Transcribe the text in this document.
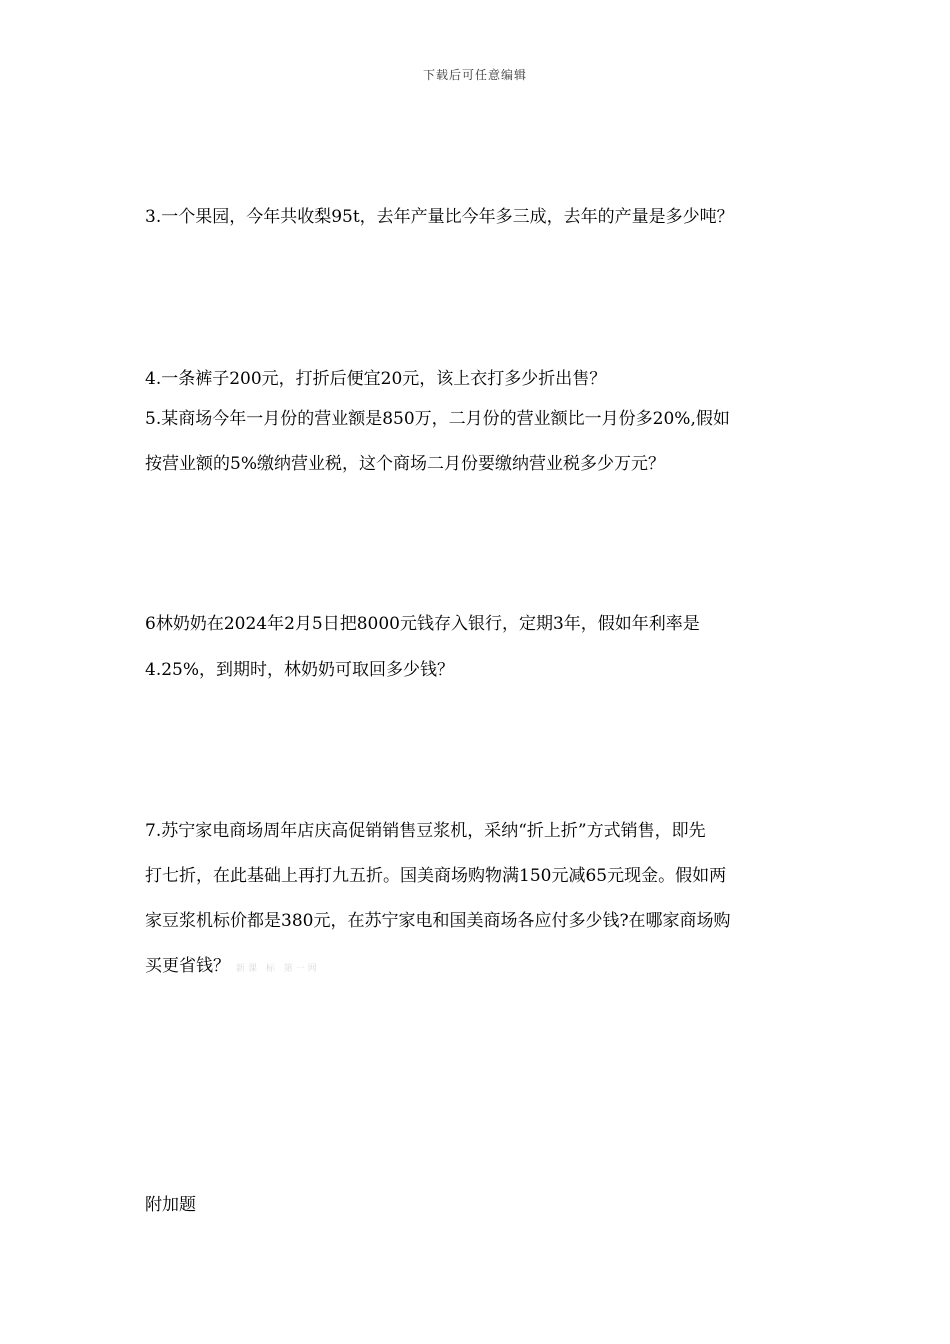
下载后可任意编辑
3.一个果园，今年共收梨95t，去年产量比今年多三成，去年的产量是多少吨？
4.一条裤子200元，打折后便宜20元，该上衣打多少折出售？
5.某商场今年一月份的营业额是850万，二月份的营业额比一月份多20%,假如
按营业额的5%缴纳营业税，这个商场二月份要缴纳营业税多少万元？
6林奶奶在2024年2月5日把8000元钱存入银行，定期3年，假如年利率是
4.25%，到期时，林奶奶可取回多少钱？
7.苏宁家电商场周年店庆高促销销售豆浆机，采纳“折上折”方式销售，即先
打七折，在此基础上再打九五折。国美商场购物满150元减65元现金。假如两
家豆浆机标价都是380元，在苏宁家电和国美商场各应付多少钱?在哪家商场购
买更省钱？ 新课 标 第一网
附加题
